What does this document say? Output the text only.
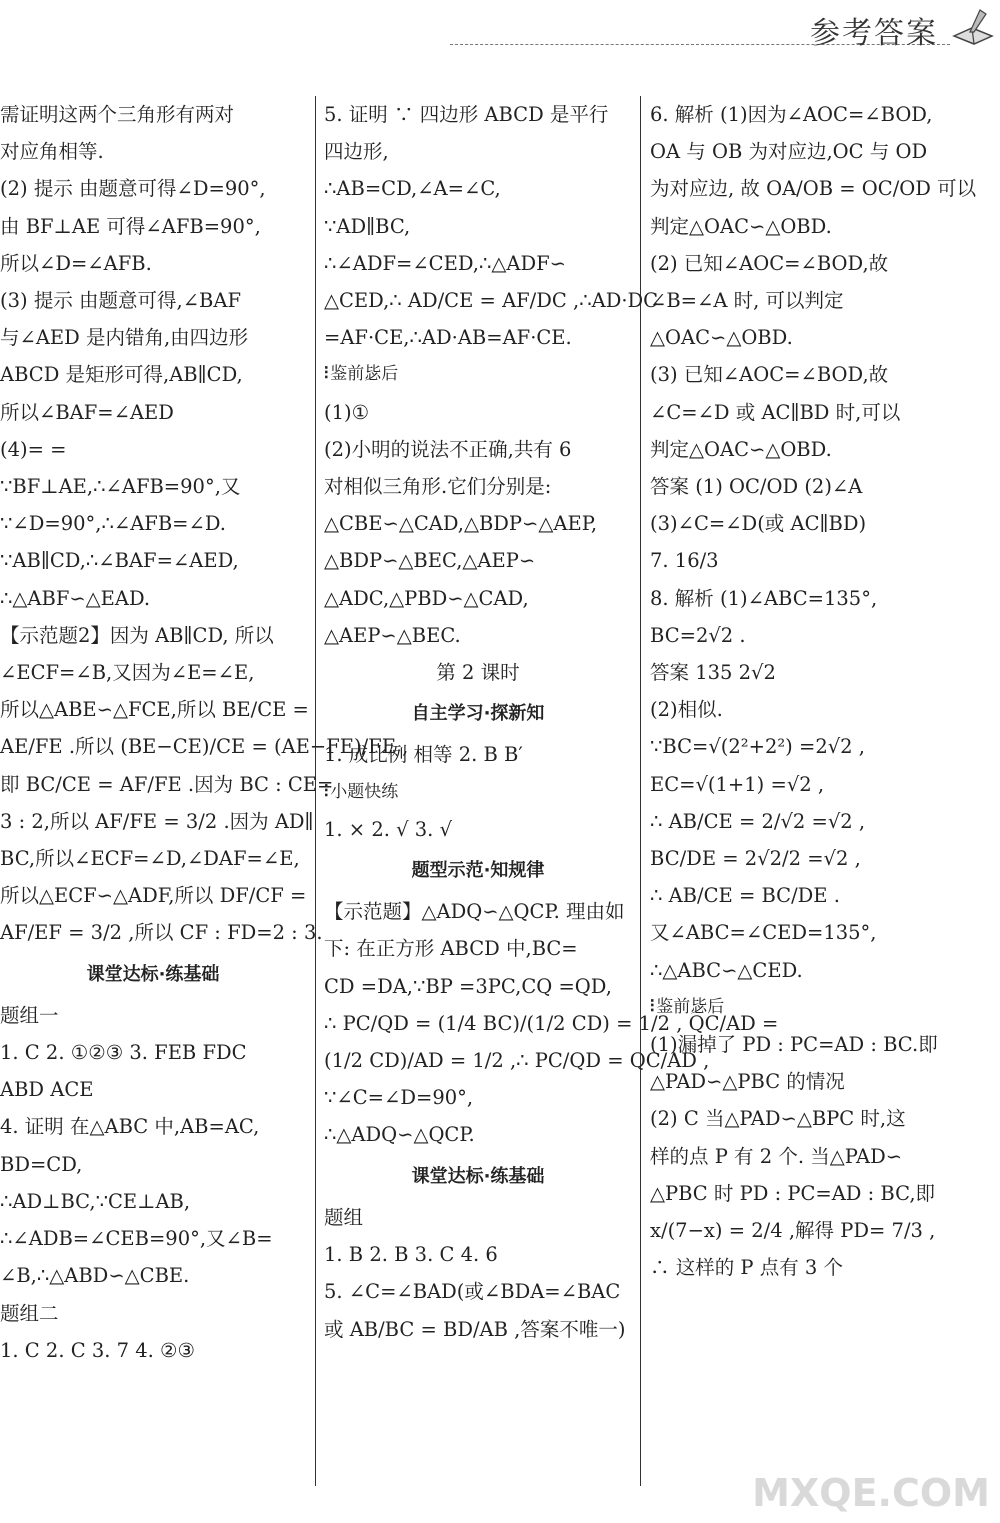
参考答案
需证明这两个三角形有两对
对应角相等.
(2) 提示 由题意可得∠D=90°,
由 BF⊥AE 可得∠AFB=90°,
所以∠D=∠AFB.
(3) 提示 由题意可得,∠BAF
与∠AED 是内错角,由四边形
ABCD 是矩形可得,AB∥CD,
所以∠BAF=∠AED
(4)= =
∵BF⊥AE,∴∠AFB=90°,又
∵∠D=90°,∴∠AFB=∠D.
∵AB∥CD,∴∠BAF=∠AED,
∴△ABF∽△EAD.
【示范题2】因为 AB∥CD, 所以
∠ECF=∠B,又因为∠E=∠E,
所以△ABE∽△FCE,所以 BE/CE =
AE/FE .所以 (BE−CE)/CE = (AE−FE)/FE ,
即 BC/CE = AF/FE .因为 BC : CE=
3 : 2,所以 AF/FE = 3/2 .因为 AD∥
BC,所以∠ECF=∠D,∠DAF=∠E,
所以△ECF∽△ADF,所以 DF/CF =
AF/EF = 3/2 ,所以 CF : FD=2 : 3.
课堂达标·练基础
题组一
1. C 2. ①②③ 3. FEB FDC
ABD ACE
4. 证明 在△ABC 中,AB=AC,
BD=CD,
∴AD⊥BC,∵CE⊥AB,
∴∠ADB=∠CEB=90°,又∠B=
∠B,∴△ABD∽△CBE.
题组二
1. C 2. C 3. 7 4. ②③
5. 证明 ∵ 四边形 ABCD 是平行
四边形,
∴AB=CD,∠A=∠C,
∵AD∥BC,
∴∠ADF=∠CED,∴△ADF∽
△CED,∴ AD/CE = AF/DC ,∴AD·DC
=AF·CE,∴AD·AB=AF·CE.
⫶ 鉴前毖后
(1)①
(2)小明的说法不正确,共有 6
对相似三角形.它们分别是:
△CBE∽△CAD,△BDP∽△AEP,
△BDP∽△BEC,△AEP∽
△ADC,△PBD∽△CAD,
△AEP∽△BEC.
第 2 课时
自主学习·探新知
1. 成比例 相等 2. B B′
⫶ 小题快练
1. × 2. √ 3. √
题型示范·知规律
【示范题】△ADQ∽△QCP. 理由如
下: 在正方形 ABCD 中,BC=
CD =DA,∵BP =3PC,CQ =QD,
∴ PC/QD = (1/4 BC)/(1/2 CD) = 1/2 , QC/AD =
(1/2 CD)/AD = 1/2 ,∴ PC/QD = QC/AD ,
∵∠C=∠D=90°,
∴△ADQ∽△QCP.
课堂达标·练基础
题组
1. B 2. B 3. C 4. 6
5. ∠C=∠BAD(或∠BDA=∠BAC
或 AB/BC = BD/AB ,答案不唯一)
6. 解析 (1)因为∠AOC=∠BOD,
OA 与 OB 为对应边,OC 与 OD
为对应边, 故 OA/OB = OC/OD 可以
判定△OAC∽△OBD.
(2) 已知∠AOC=∠BOD,故
∠B=∠A 时, 可以判定
△OAC∽△OBD.
(3) 已知∠AOC=∠BOD,故
∠C=∠D 或 AC∥BD 时,可以
判定△OAC∽△OBD.
答案 (1) OC/OD (2)∠A
(3)∠C=∠D(或 AC∥BD)
7. 16/3
8. 解析 (1)∠ABC=135°,
BC=2√2 .
答案 135 2√2
(2)相似.
∵BC=√(2²+2²) =2√2 ,
EC=√(1+1) =√2 ,
∴ AB/CE = 2/√2 =√2 ,
BC/DE = 2√2/2 =√2 ,
∴ AB/CE = BC/DE .
又∠ABC=∠CED=135°,
∴△ABC∽△CED.
⫶ 鉴前毖后
(1)漏掉了 PD : PC=AD : BC.即
△PAD∽△PBC 的情况
(2) C 当△PAD∽△BPC 时,这
样的点 P 有 2 个. 当△PAD∽
△PBC 时 PD : PC=AD : BC,即
x/(7−x) = 2/4 ,解得 PD= 7/3 ,
∴ 这样的 P 点有 3 个
MXQE.COM
